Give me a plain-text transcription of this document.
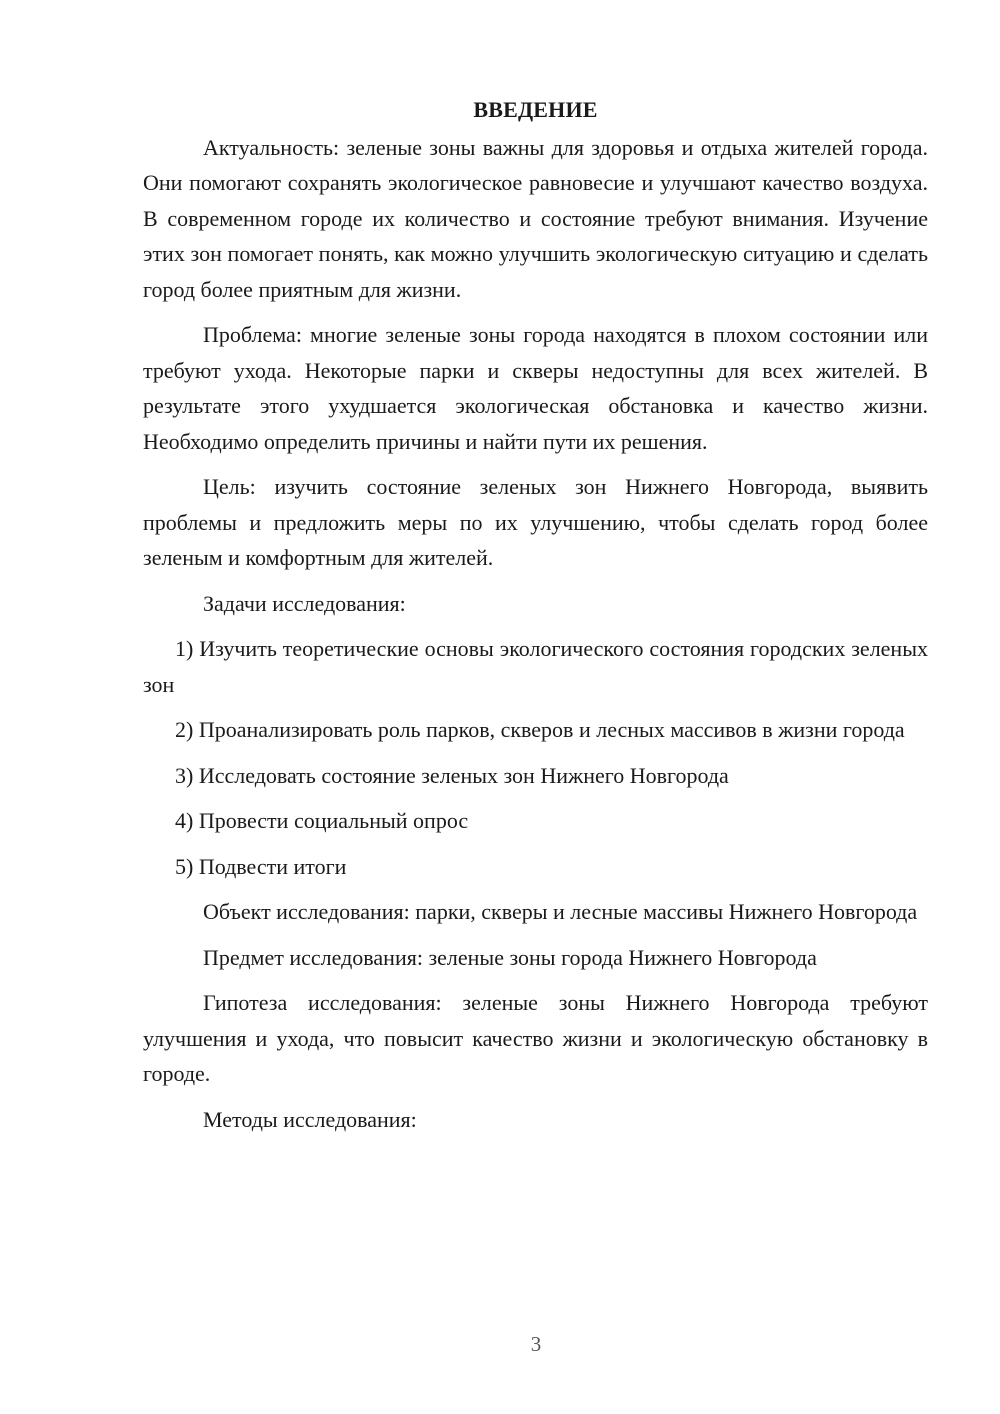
ВВЕДЕНИЕ

Актуальность: зеленые зоны важны для здоровья и отдыха жителей города. Они помогают сохранять экологическое равновесие и улучшают качество воздуха. В современном городе их количество и состояние требуют внимания. Изучение этих зон помогает понять, как можно улучшить экологическую ситуацию и сделать город более приятным для жизни.

Проблема: многие зеленые зоны города находятся в плохом состоянии или требуют ухода. Некоторые парки и скверы недоступны для всех жителей. В результате этого ухудшается экологическая обстановка и качество жизни. Необходимо определить причины и найти пути их решения.

Цель: изучить состояние зеленых зон Нижнего Новгорода, выявить проблемы и предложить меры по их улучшению, чтобы сделать город более зеленым и комфортным для жителей.

Задачи исследования:

1) Изучить теоретические основы экологического состояния городских зеленых зон

2) Проанализировать роль парков, скверов и лесных массивов в жизни города

3) Исследовать состояние зеленых зон Нижнего Новгорода

4) Провести социальный опрос

5) Подвести итоги

Объект исследования: парки, скверы и лесные массивы Нижнего Новгорода

Предмет исследования: зеленые зоны города Нижнего Новгорода

Гипотеза исследования: зеленые зоны Нижнего Новгорода требуют улучшения и ухода, что повысит качество жизни и экологическую обстановку в городе.

Методы исследования:

3
